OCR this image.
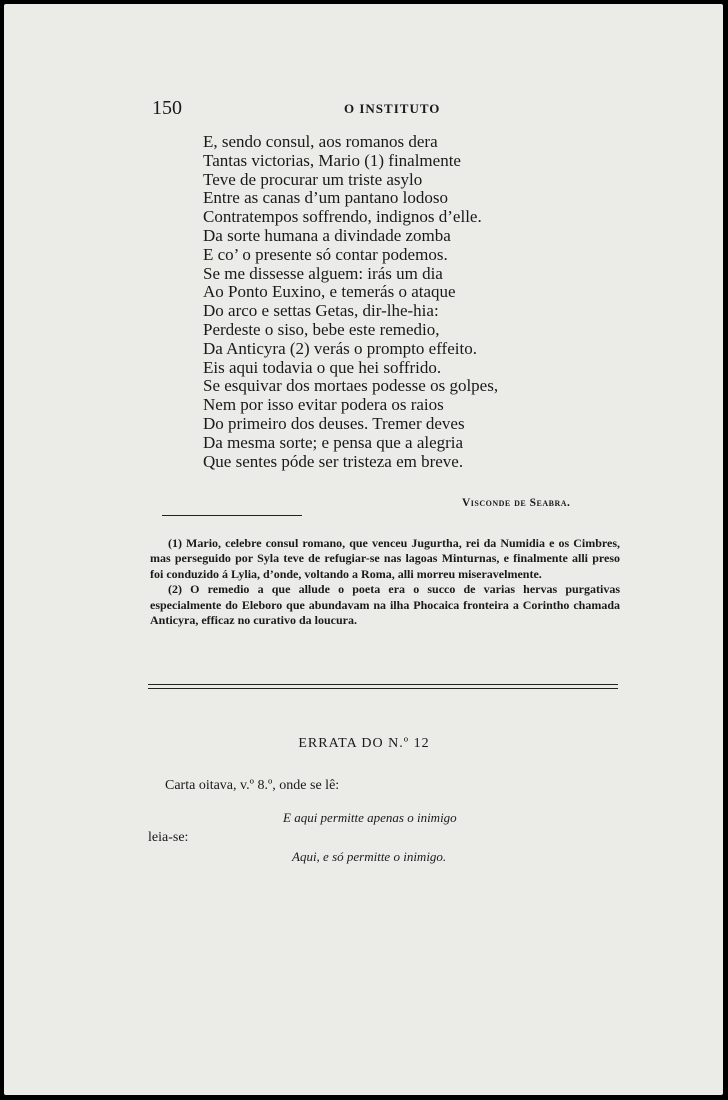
150	O INSTITUTO
E, sendo consul, aos romanos dera
Tantas victorias, Mario (1) finalmente
Teve de procurar um triste asylo
Entre as canas d’um pantano lodoso
Contratempos soffrendo, indignos d’elle.
Da sorte humana a divindade zomba
E co’ o presente só contar podemos.
Se me dissesse alguem: irás um dia
Ao Ponto Euxino, e temerás o ataque
Do arco e settas Getas, dir-lhe-hia:
Perdeste o siso, bebe este remedio,
Da Anticyra (2) verás o prompto effeito.
Eis aqui todavia o que hei soffrido.
Se esquivar dos mortaes podesse os golpes,
Nem por isso evitar podera os raios
Do primeiro dos deuses. Tremer deves
Da mesma sorte; e pensa que a alegria
Que sentes póde ser tristeza em breve.
Visconde de Seabra.

(1) Mario, celebre consul romano, que venceu Jugurtha, rei da Numidia e os Cimbres, mas perseguido por Syla teve de refugiar-se nas lagoas Minturnas, e finalmente alli preso foi conduzido á Lylia, d’onde, voltando a Roma, alli morreu miseravelmente.

(2) O remedio a que allude o poeta era o succo de varias hervas purgativas especialmente do Eleboro que abundavam na ilha Phocaica fronteira a Corintho chamada Anticyra, efficaz no curativo da loucura.

ERRATA DO N.º 12
Carta oitava, v.º 8.º, onde se lê:
E aqui permitte apenas o inimigo
leia-se:
Aqui, e só permitte o inimigo.
